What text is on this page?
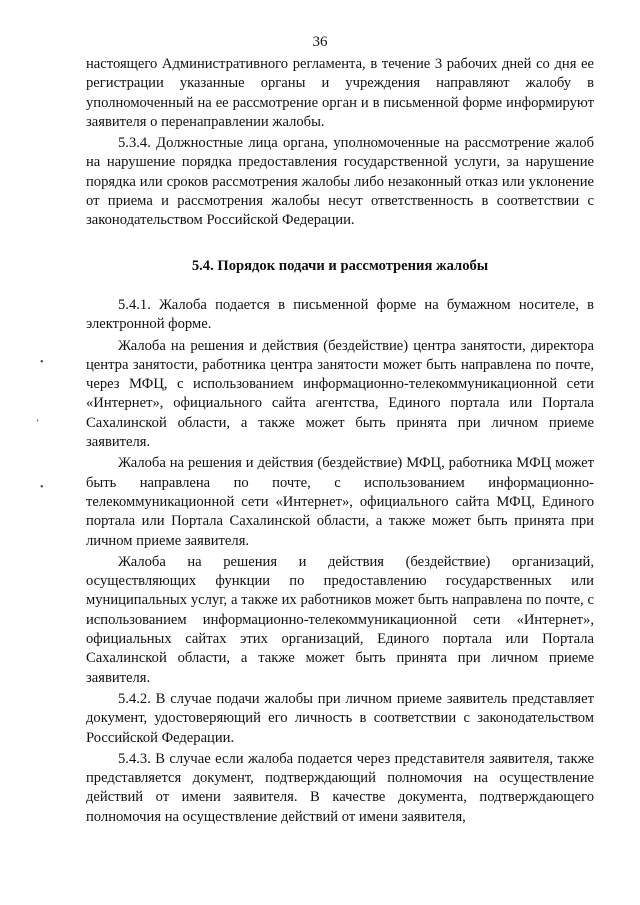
36
•
ʻ
•

настоящего Административного регламента, в течение 3 рабочих дней со дня ее регистрации указанные органы и учреждения направляют жалобу в уполномоченный на ее рассмотрение орган и в письменной форме информируют заявителя о перенаправлении жалобы.

5.3.4. Должностные лица органа, уполномоченные на рассмотрение жалоб на нарушение порядка предоставления государственной услуги, за нарушение порядка или сроков рассмотрения жалобы либо незаконный отказ или уклонение от приема и рассмотрения жалобы несут ответственность в соответствии с законодательством Российской Федерации.

5.4. Порядок подачи и рассмотрения жалобы

5.4.1. Жалоба подается в письменной форме на бумажном носителе, в электронной форме.

Жалоба на решения и действия (бездействие) центра занятости, директора центра занятости, работника центра занятости может быть направлена по почте, через МФЦ, с использованием информационно-телекоммуникационной сети «Интернет», официального сайта агентства, Единого портала или Портала Сахалинской области, а также может быть принята при личном приеме заявителя.

Жалоба на решения и действия (бездействие) МФЦ, работника МФЦ может быть направлена по почте, с использованием информационно-телекоммуникационной сети «Интернет», официального сайта МФЦ, Единого портала или Портала Сахалинской области, а также может быть принята при личном приеме заявителя.

Жалоба на решения и действия (бездействие) организаций, осуществляющих функции по предоставлению государственных или муниципальных услуг, а также их работников может быть направлена по почте, с использованием информационно-телекоммуникационной сети «Интернет», официальных сайтах этих организаций, Единого портала или Портала Сахалинской области, а также может быть принята при личном приеме заявителя.

5.4.2. В случае подачи жалобы при личном приеме заявитель представляет документ, удостоверяющий его личность в соответствии с законодательством Российской Федерации.

5.4.3. В случае если жалоба подается через представителя заявителя, также представляется документ, подтверждающий полномочия на осуществление действий от имени заявителя. В качестве документа, подтверждающего полномочия на осуществление действий от имени заявителя,
